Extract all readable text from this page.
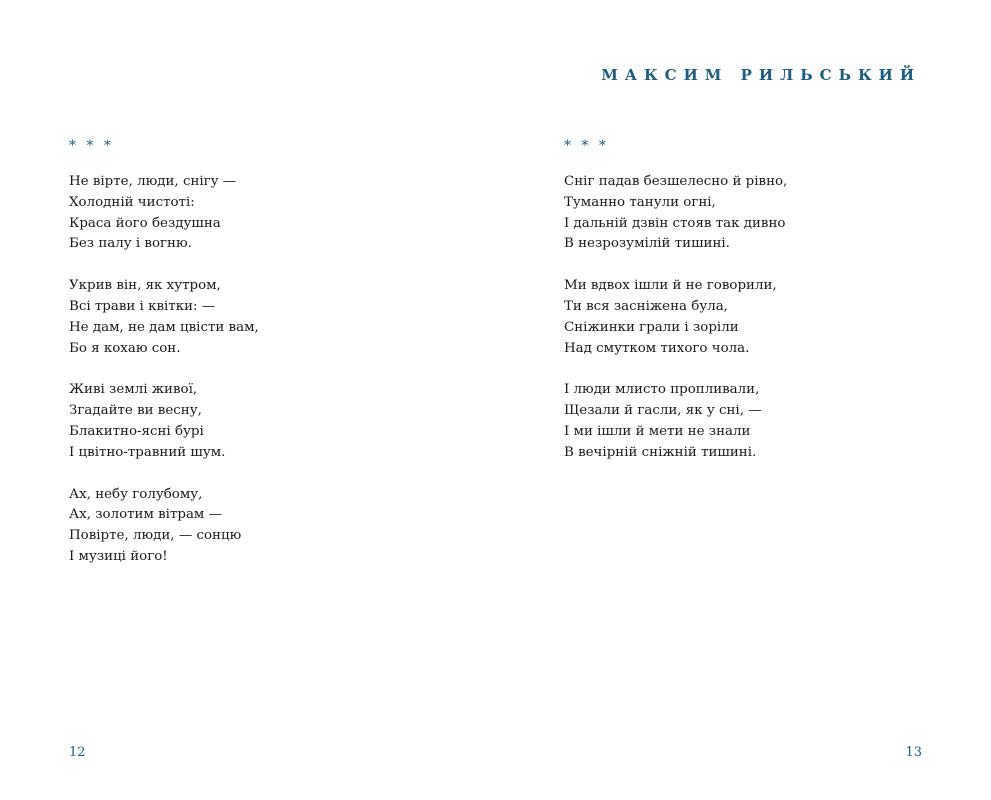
* * *
Не вірте, люди, снігу —
Холодній чистоті:
Краса його бездушна
Без палу і вогню.
Укрив він, як хутром,
Всі трави і квітки: —
Не дам, не дам цвісти вам,
Бо я кохаю сон.
Живі землі живої,
Згадайте ви весну,
Блакитно-ясні бурі
І цвітно-травний шум.
Ах, небу голубому,
Ах, золотим вітрам —
Повірте, люди, — сонцю
І музиці його!
12
МАКСИМ РИЛЬСЬКИЙ
* * *
Сніг падав безшелесно й рівно,
Туманно танули огні,
І дальній дзвін стояв так дивно
В незрозумілій тишині.
Ми вдвох ішли й не говорили,
Ти вся засніжена була,
Сніжинки грали і зоріли
Над смутком тихого чола.
І люди млисто пропливали,
Щезали й гасли, як у сні, —
І ми ішли й мети не знали
В вечірній сніжній тишині.
13
